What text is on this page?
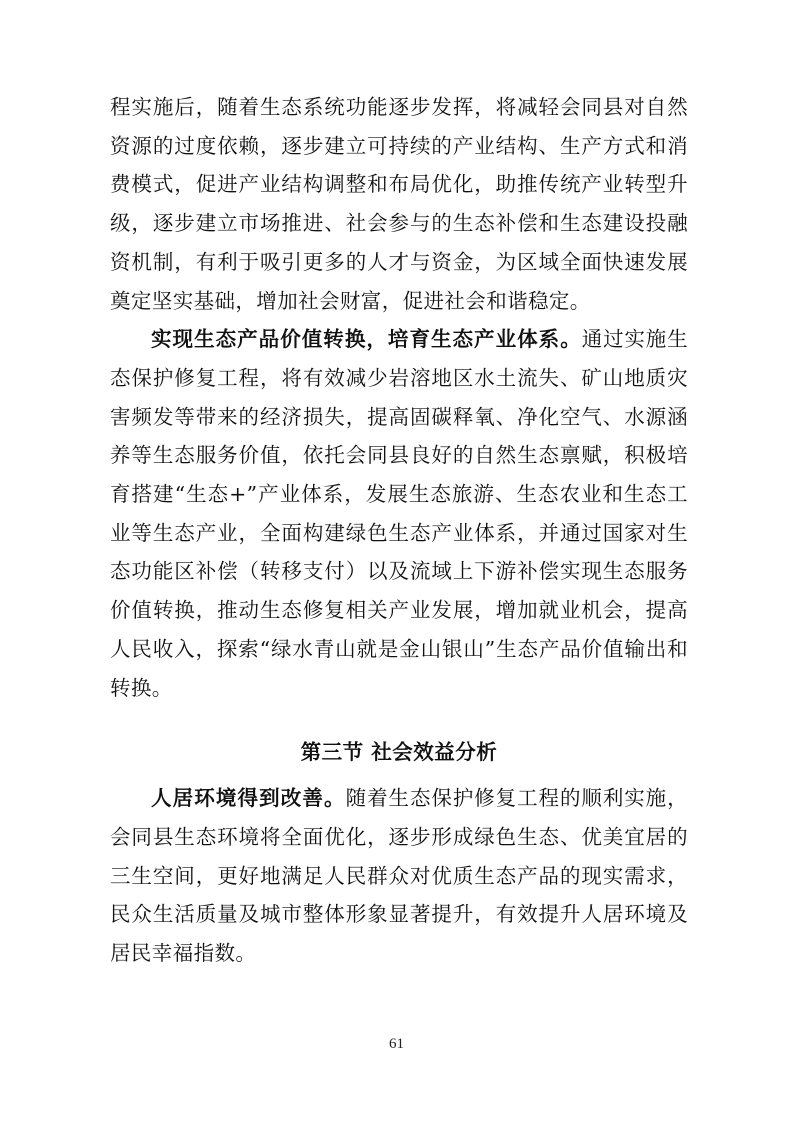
程实施后，随着生态系统功能逐步发挥，将减轻会同县对自然资源的过度依赖，逐步建立可持续的产业结构、生产方式和消费模式，促进产业结构调整和布局优化，助推传统产业转型升级，逐步建立市场推进、社会参与的生态补偿和生态建设投融资机制，有利于吸引更多的人才与资金，为区域全面快速发展奠定坚实基础，增加社会财富，促进社会和谐稳定。

实现生态产品价值转换，培育生态产业体系。通过实施生态保护修复工程，将有效减少岩溶地区水土流失、矿山地质灾害频发等带来的经济损失，提高固碳释氧、净化空气、水源涵养等生态服务价值，依托会同县良好的自然生态禀赋，积极培育搭建“生态+”产业体系，发展生态旅游、生态农业和生态工业等生态产业，全面构建绿色生态产业体系，并通过国家对生态功能区补偿（转移支付）以及流域上下游补偿实现生态服务价值转换，推动生态修复相关产业发展，增加就业机会，提高人民收入，探索“绿水青山就是金山银山”生态产品价值输出和转换。

第三节 社会效益分析

人居环境得到改善。随着生态保护修复工程的顺利实施，会同县生态环境将全面优化，逐步形成绿色生态、优美宜居的三生空间，更好地满足人民群众对优质生态产品的现实需求，民众生活质量及城市整体形象显著提升，有效提升人居环境及居民幸福指数。

61
